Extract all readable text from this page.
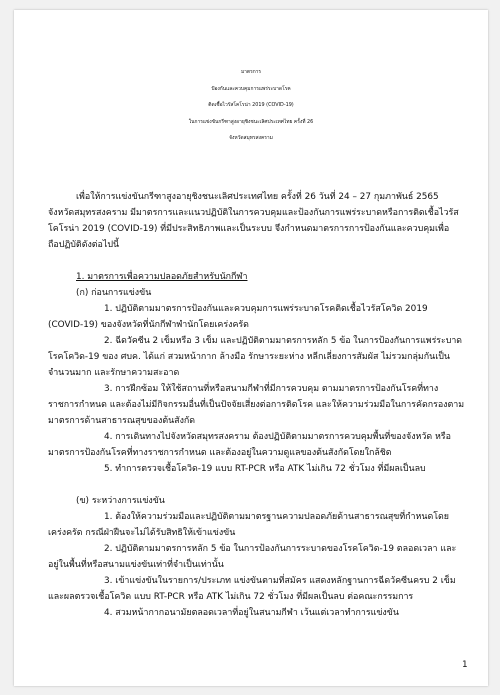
มาตรการ
ป้องกันและควบคุมการแพร่ระบาดโรค
ติดเชื้อไวรัสโคโรน่า 2019 (COVID-19)
ในการแข่งขันกรีฑาสูงอายุชิงชนะเลิศประเทศไทย ครั้งที่ 26
จังหวัดสมุทรสงคราม
เพื่อให้การแข่งขันกรีฑาสูงอายุชิงชนะเลิศประเทศไทย ครั้งที่ 26 วันที่ 24 – 27 กุมภาพันธ์ 2565
จังหวัดสมุทรสงคราม มีมาตรการและแนวปฏิบัติในการควบคุมและป้องกันการแพร่ระบาดหรือการติดเชื้อไวรัส
โคโรน่า 2019 (COVID-19) ที่มีประสิทธิภาพและเป็นระบบ จึงกำหนดมาตรการการป้องกันและควบคุมเพื่อ
ถือปฏิบัติดังต่อไปนี้
1. มาตรการเพื่อความปลอดภัยสำหรับนักกีฬา
(ก) ก่อนการแข่งขัน
1. ปฏิบัติตามมาตรการป้องกันและควบคุมการแพร่ระบาดโรคติดเชื้อไวรัสโควิด 2019
(COVID-19) ของจังหวัดที่นักกีฬาพำนักโดยเคร่งครัด
2. ฉีดวัคซีน 2 เข็มหรือ 3 เข็ม และปฏิบัติตามมาตรการหลัก 5 ข้อ ในการป้องกันการแพร่ระบาด
โรคโควิด-19 ของ ศบค. ได้แก่ สวมหน้ากาก ล้างมือ รักษาระยะห่าง หลีกเลี่ยงการสัมผัส ไม่รวมกลุ่มกันเป็น
จำนวนมาก และรักษาความสะอาด
3. การฝึกซ้อม ให้ใช้สถานที่หรือสนามกีฬาที่มีการควบคุม ตามมาตรการป้องกันโรคที่ทาง
ราชการกำหนด และต้องไม่มีกิจกรรมอื่นที่เป็นปัจจัยเสี่ยงต่อการติดโรค และให้ความร่วมมือในการคัดกรองตาม
มาตรการด้านสาธารณสุขของต้นสังกัด
4. การเดินทางไปจังหวัดสมุทรสงคราม ต้องปฏิบัติตามมาตรการควบคุมพื้นที่ของจังหวัด หรือ
มาตรการป้องกันโรคที่ทางราชการกำหนด และต้องอยู่ในความดูแลของต้นสังกัดโดยใกล้ชิด
5. ทำการตรวจเชื้อโควิด-19 แบบ RT-PCR หรือ ATK ไม่เกิน 72 ชั่วโมง ที่มีผลเป็นลบ
(ข) ระหว่างการแข่งขัน
1. ต้องให้ความร่วมมือและปฏิบัติตามมาตรฐานความปลอดภัยด้านสาธารณสุขที่กำหนดโดย
เคร่งครัด กรณีฝ่าฝืนจะไม่ได้รับสิทธิให้เข้าแข่งขัน
2. ปฏิบัติตามมาตรการหลัก 5 ข้อ ในการป้องกันการระบาดของโรคโควิด-19 ตลอดเวลา และ
อยู่ในพื้นที่หรือสนามแข่งขันเท่าที่จำเป็นเท่านั้น
3. เข้าแข่งขันในรายการ/ประเภท แข่งขันตามที่สมัคร แสดงหลักฐานการฉีดวัคซีนครบ 2 เข็ม
และผลตรวจเชื้อโควิด แบบ RT-PCR หรือ ATK ไม่เกิน 72 ชั่วโมง ที่มีผลเป็นลบ ต่อคณะกรรมการ
4. สวมหน้ากากอนามัยตลอดเวลาที่อยู่ในสนามกีฬา เว้นแต่เวลาทำการแข่งขัน
1
